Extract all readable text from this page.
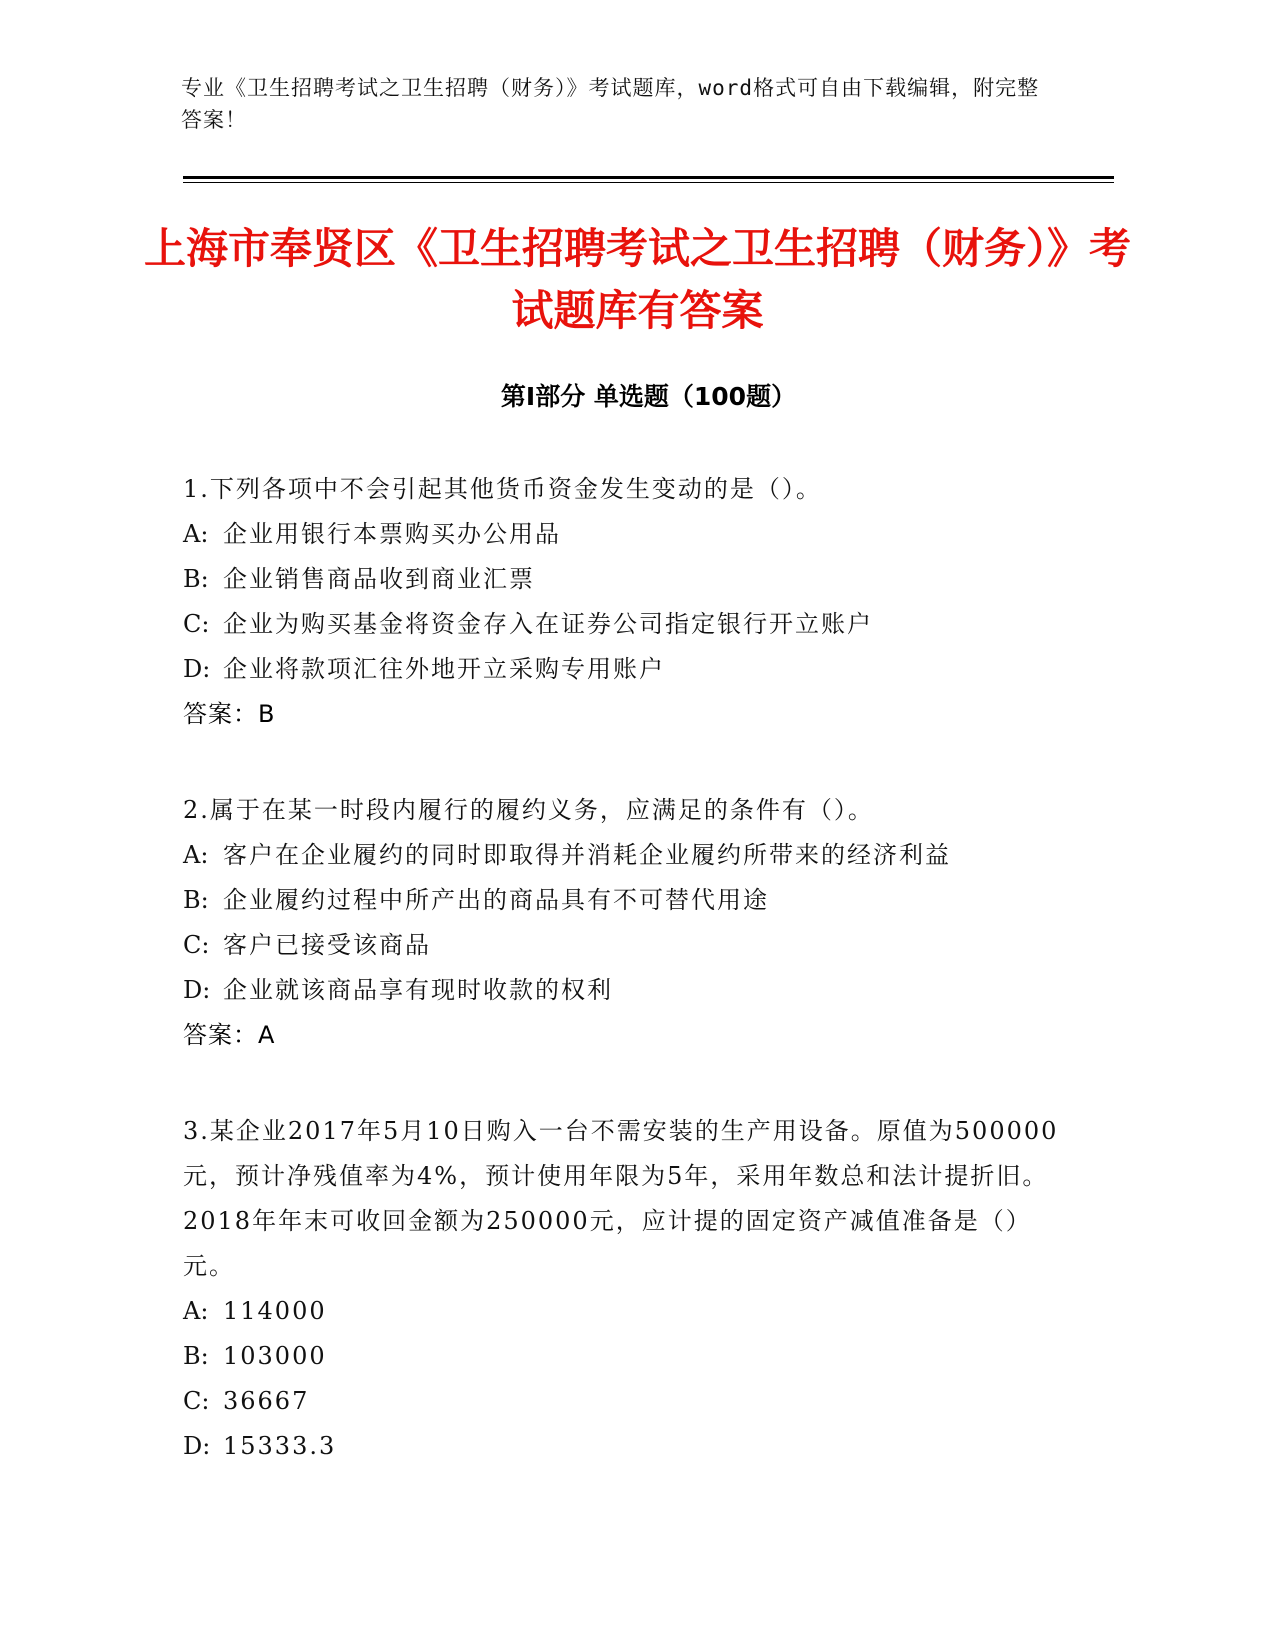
专业《卫生招聘考试之卫生招聘（财务）》考试题库，word格式可自由下载编辑，附完整答案！
上海市奉贤区《卫生招聘考试之卫生招聘（财务）》考试题库有答案
第Ⅰ部分 单选题（100题）

1.下列各项中不会引起其他货币资金发生变动的是（）。

A: 企业用银行本票购买办公用品

B: 企业销售商品收到商业汇票

C: 企业为购买基金将资金存入在证券公司指定银行开立账户

D: 企业将款项汇往外地开立采购专用账户

答案：B

2.属于在某一时段内履行的履约义务，应满足的条件有（）。

A: 客户在企业履约的同时即取得并消耗企业履约所带来的经济利益

B: 企业履约过程中所产出的商品具有不可替代用途

C: 客户已接受该商品

D: 企业就该商品享有现时收款的权利

答案：A

3.某企业2017年5月10日购入一台不需安装的生产用设备。原值为500000元，预计净残值率为4%，预计使用年限为5年，采用年数总和法计提折旧。2018年年末可收回金额为250000元，应计提的固定资产减值准备是（）元。

A: 114000

B: 103000

C: 36667

D: 15333.3
